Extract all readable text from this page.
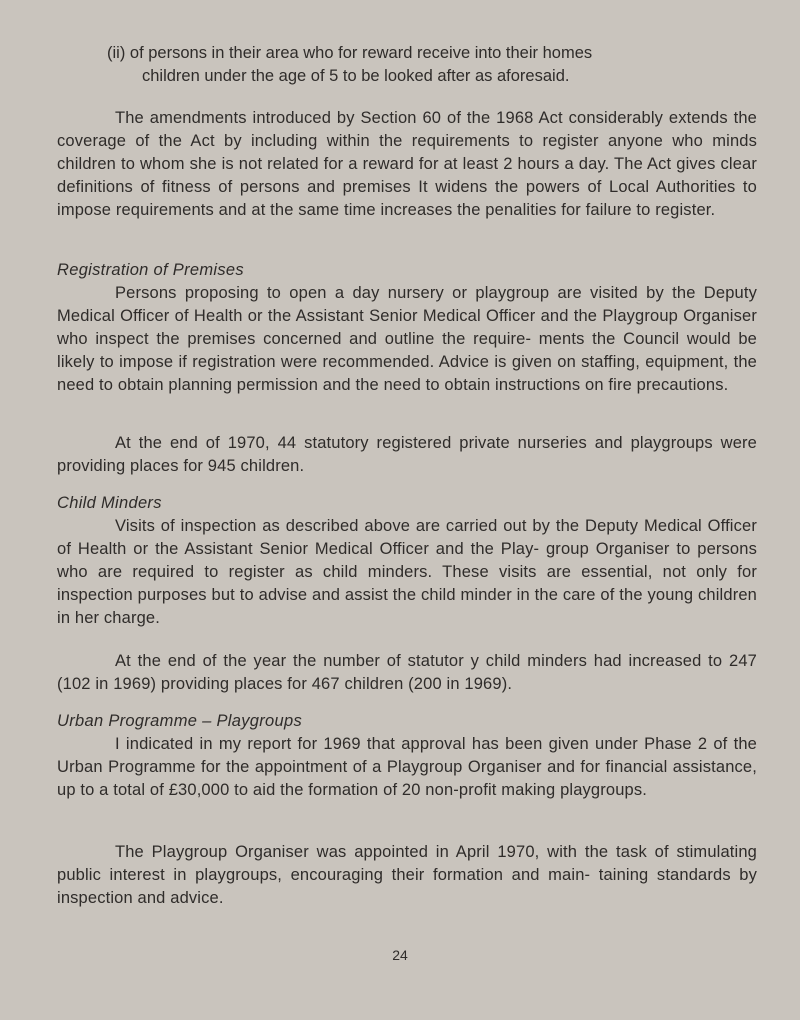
(ii) of persons in their area who for reward receive into their homes
children under the age of 5 to be looked after as aforesaid.

The amendments introduced by Section 60 of the 1968 Act considerably extends the coverage of the Act by including within the requirements to register anyone who minds children to whom she is not related for a reward for at least 2 hours a day. The Act gives clear definitions of fitness of persons and premises It widens the powers of Local Authorities to impose requirements and at the same time increases the penalities for failure to register.

Registration of Premises

Persons proposing to open a day nursery or playgroup are visited by the Deputy Medical Officer of Health or the Assistant Senior Medical Officer and the Playgroup Organiser who inspect the premises concerned and outline the require- ments the Council would be likely to impose if registration were recommended. Advice is given on staffing, equipment, the need to obtain planning permission and the need to obtain instructions on fire precautions.

At the end of 1970, 44 statutory registered private nurseries and playgroups were providing places for 945 children.

Child Minders

Visits of inspection as described above are carried out by the Deputy Medical Officer of Health or the Assistant Senior Medical Officer and the Play- group Organiser to persons who are required to register as child minders. These visits are essential, not only for inspection purposes but to advise and assist the child minder in the care of the young children in her charge.

At the end of the year the number of statutor y child minders had increased to 247 (102 in 1969) providing places for 467 children (200 in 1969).

Urban Programme – Playgroups

I indicated in my report for 1969 that approval has been given under Phase 2 of the Urban Programme for the appointment of a Playgroup Organiser and for financial assistance, up to a total of £30,000 to aid the formation of 20 non-profit making playgroups.

The Playgroup Organiser was appointed in April 1970, with the task of stimulating public interest in playgroups, encouraging their formation and main- taining standards by inspection and advice.

24
